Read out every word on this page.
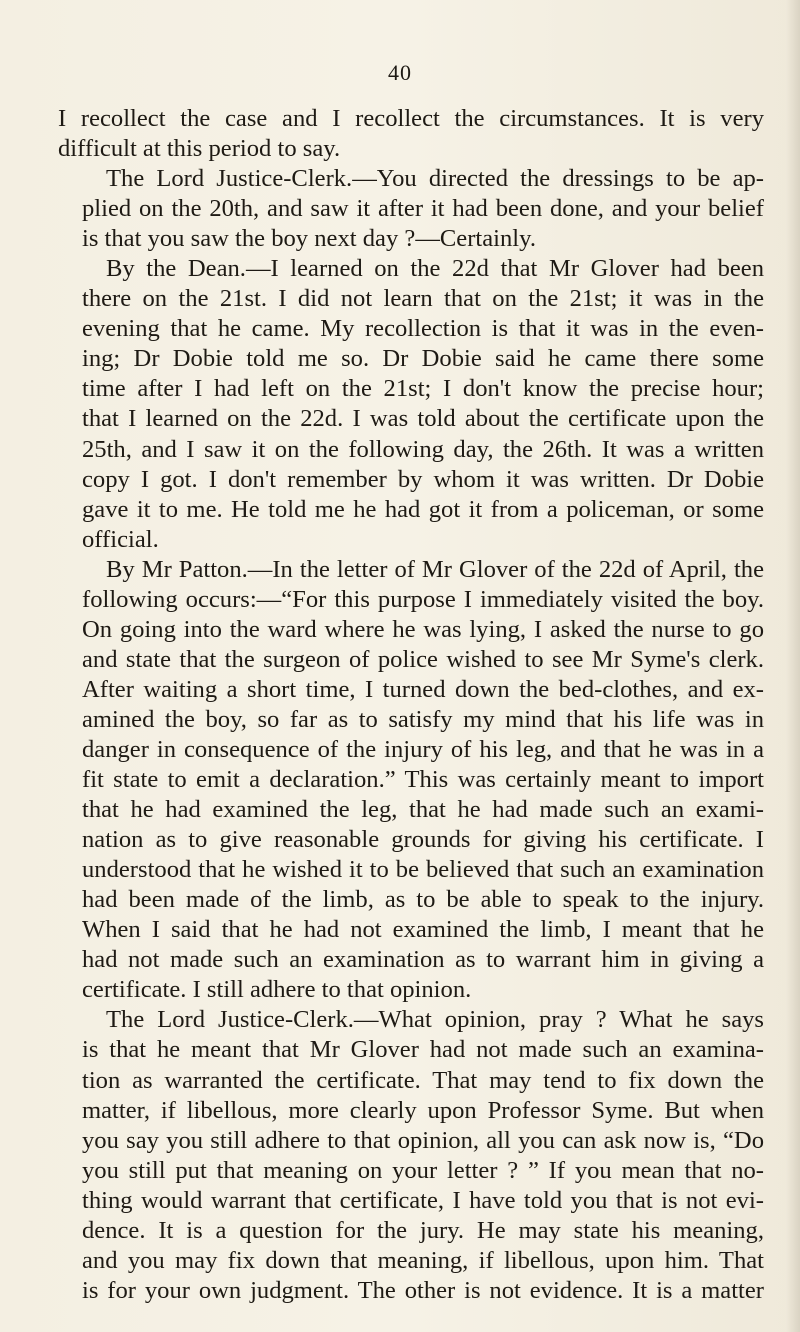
40
I recollect the case and I recollect the circumstances. It is very
difficult at this period to say.
The Lord Justice-Clerk.—You directed the dressings to be ap-
plied on the 20th, and saw it after it had been done, and your belief
is that you saw the boy next day ?—Certainly.
By the Dean.—I learned on the 22d that Mr Glover had been
there on the 21st. I did not learn that on the 21st; it was in the
evening that he came. My recollection is that it was in the even-
ing; Dr Dobie told me so. Dr Dobie said he came there some
time after I had left on the 21st; I don't know the precise hour;
that I learned on the 22d. I was told about the certificate upon the
25th, and I saw it on the following day, the 26th. It was a written
copy I got. I don't remember by whom it was written. Dr Dobie
gave it to me. He told me he had got it from a policeman, or some
official.
By Mr Patton.—In the letter of Mr Glover of the 22d of April, the
following occurs:—“For this purpose I immediately visited the boy.
On going into the ward where he was lying, I asked the nurse to go
and state that the surgeon of police wished to see Mr Syme's clerk.
After waiting a short time, I turned down the bed-clothes, and ex-
amined the boy, so far as to satisfy my mind that his life was in
danger in consequence of the injury of his leg, and that he was in a
fit state to emit a declaration.” This was certainly meant to import
that he had examined the leg, that he had made such an exami-
nation as to give reasonable grounds for giving his certificate. I
understood that he wished it to be believed that such an examination
had been made of the limb, as to be able to speak to the injury.
When I said that he had not examined the limb, I meant that he
had not made such an examination as to warrant him in giving a
certificate. I still adhere to that opinion.
The Lord Justice-Clerk.—What opinion, pray ? What he says
is that he meant that Mr Glover had not made such an examina-
tion as warranted the certificate. That may tend to fix down the
matter, if libellous, more clearly upon Professor Syme. But when
you say you still adhere to that opinion, all you can ask now is, “Do
you still put that meaning on your letter ? ” If you mean that no-
thing would warrant that certificate, I have told you that is not evi-
dence. It is a question for the jury. He may state his meaning,
and you may fix down that meaning, if libellous, upon him. That
is for your own judgment. The other is not evidence. It is a matter
